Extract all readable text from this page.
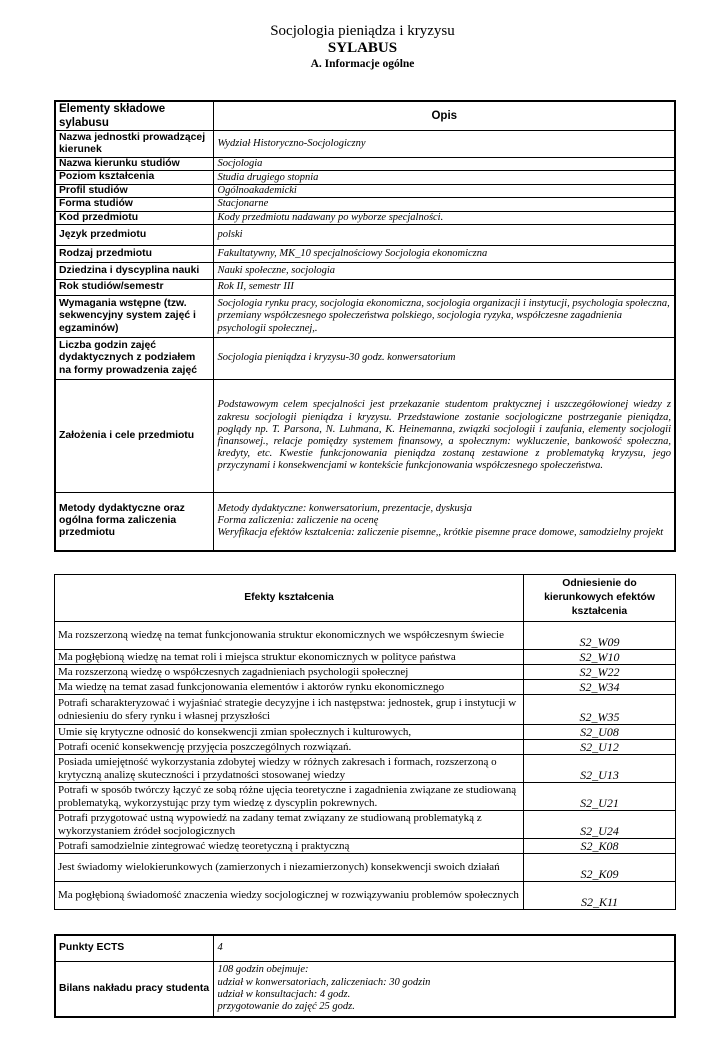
Socjologia pieniądza i kryzysu
SYLABUS
A. Informacje ogólne
Elementy składowe sylabusu	Opis
Nazwa jednostki prowadzącej kierunek	Wydział Historyczno-Socjologiczny
Nazwa kierunku studiów	Socjologia
Poziom kształcenia	Studia drugiego stopnia
Profil studiów	Ogólnoakademicki
Forma studiów	Stacjonarne
Kod przedmiotu	Kody przedmiotu nadawany po wyborze specjalności.
Język przedmiotu	polski
Rodzaj przedmiotu	Fakultatywny, MK_10 specjalnościowy Socjologia ekonomiczna
Dziedzina i dyscyplina nauki	Nauki społeczne, socjologia
Rok studiów/semestr	Rok II, semestr III
Wymagania wstępne (tzw. sekwencyjny system zajęć i egzaminów)	Socjologia rynku pracy, socjologia ekonomiczna, socjologia organizacji i instytucji, psychologia społeczna, przemiany współczesnego społeczeństwa polskiego, socjologia ryzyka, współczesne zagadnienia psychologii społecznej,.
Liczba godzin zajęć dydaktycznych z podziałem na formy prowadzenia zajęć	Socjologia pieniądza i kryzysu-30 godz. konwersatorium
Założenia i cele przedmiotu	Podstawowym celem specjalności jest przekazanie studentom praktycznej i uszczegółowionej wiedzy z zakresu socjologii pieniądza i kryzysu. Przedstawione zostanie socjologiczne postrzeganie pieniądza, poglądy np. T. Parsona, N. Luhmana, K. Heinemanna, związki socjologii i zaufania, elementy socjologii finansowej., relacje pomiędzy systemem finansowy, a społecznym: wykluczenie, bankowość społeczna, kredyty, etc. Kwestie funkcjonowania pieniądza zostaną zestawione z problematyką kryzysu, jego przyczynami i konsekwencjami w kontekście funkcjonowania współczesnego społeczeństwa.
Metody dydaktyczne oraz ogólna forma zaliczenia przedmiotu	Metody dydaktyczne: konwersatorium, prezentacje, dyskusja
Forma zaliczenia: zaliczenie na ocenę
Weryfikacja efektów kształcenia: zaliczenie pisemne,, krótkie pisemne prace domowe, samodzielny projekt
Efekty kształcenia	Odniesienie do kierunkowych efektów kształcenia
Ma rozszerzoną wiedzę na temat funkcjonowania struktur ekonomicznych we współczesnym świecie	S2_W09
Ma pogłębioną wiedzę na temat roli i miejsca struktur ekonomicznych w polityce państwa	S2_W10
Ma rozszerzoną wiedzę o współczesnych zagadnieniach psychologii społecznej	S2_W22
Ma wiedzę na temat zasad funkcjonowania elementów i aktorów rynku ekonomicznego	S2_W34
Potrafi scharakteryzować i wyjaśniać strategie decyzyjne i ich następstwa: jednostek, grup i instytucji w odniesieniu do sfery rynku i własnej przyszłości	S2_W35
Umie się krytyczne odnosić do konsekwencji zmian społecznych i kulturowych,	S2_U08
Potrafi ocenić konsekwencję przyjęcia poszczególnych rozwiązań.	S2_U12
Posiada umiejętność wykorzystania zdobytej wiedzy w różnych zakresach i formach, rozszerzoną o krytyczną analizę skuteczności i przydatności stosowanej wiedzy	S2_U13
Potrafi w sposób twórczy łączyć ze sobą różne ujęcia teoretyczne i zagadnienia związane ze studiowaną problematyką, wykorzystując przy tym wiedzę z dyscyplin pokrewnych.	S2_U21
Potrafi przygotować ustną wypowiedź na zadany temat związany ze studiowaną problematyką z wykorzystaniem źródeł socjologicznych	S2_U24
Potrafi samodzielnie zintegrować wiedzę teoretyczną i praktyczną	S2_K08
Jest świadomy wielokierunkowych (zamierzonych i niezamierzonych) konsekwencji swoich działań	S2_K09
Ma pogłębioną świadomość znaczenia wiedzy socjologicznej w rozwiązywaniu problemów społecznych	S2_K11
Punkty ECTS	4
Bilans nakładu pracy studenta	108 godzin obejmuje:
udział w konwersatoriach, zaliczeniach: 30 godzin
udział w konsultacjach: 4 godz.
przygotowanie do zajęć 25 godz.
